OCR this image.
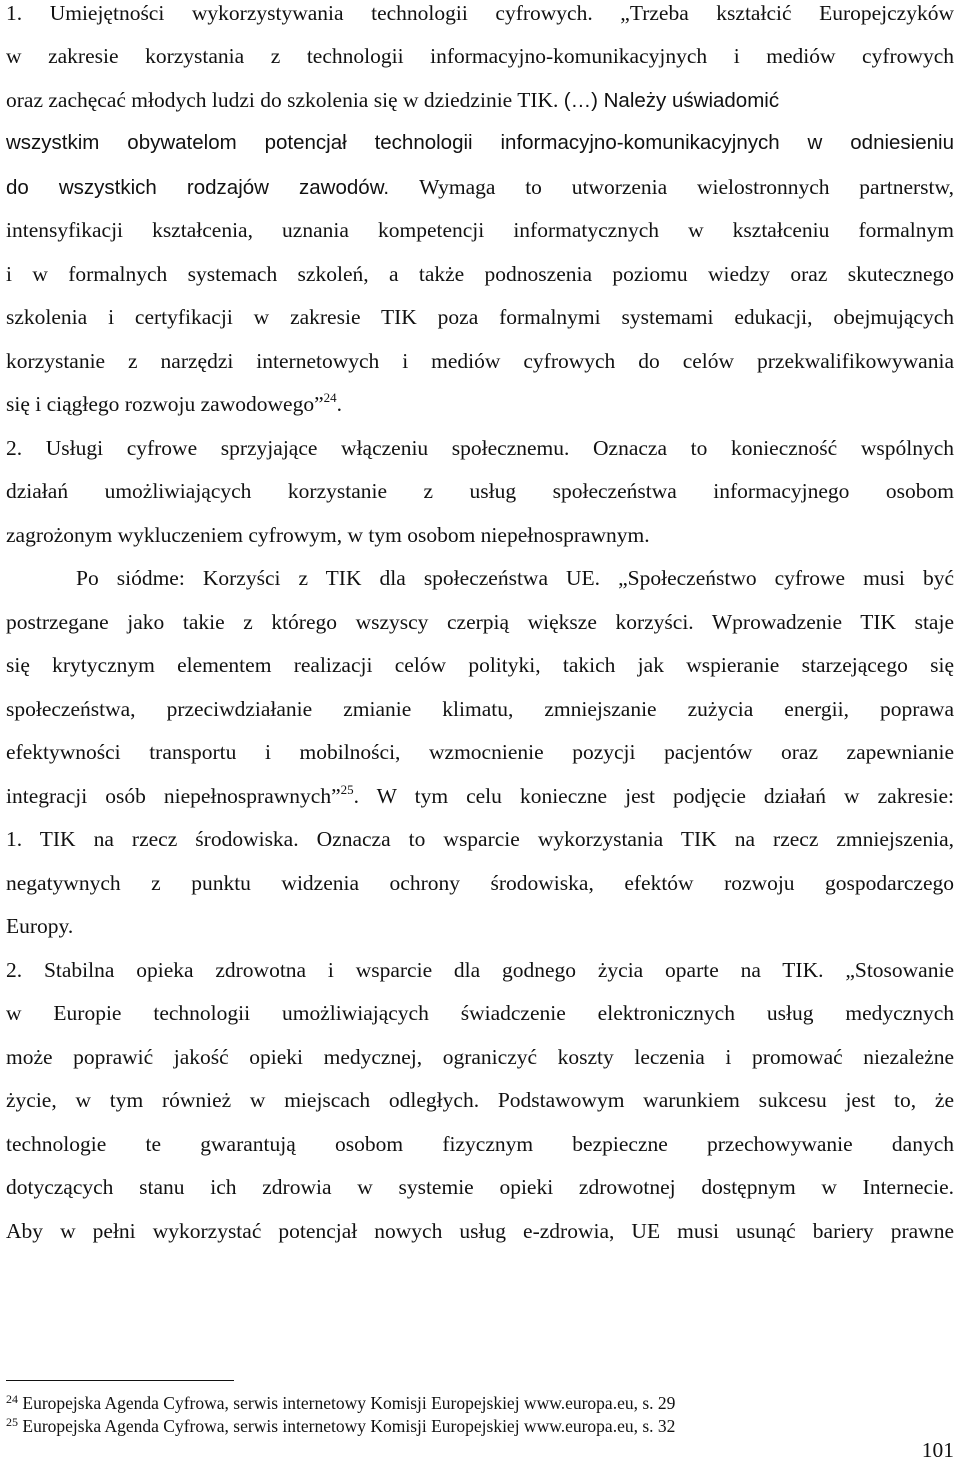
1. Umiejętności wykorzystywania technologii cyfrowych. „Trzeba kształcić Europejczyków
w zakresie korzystania z technologii informacyjno-komunikacyjnych i mediów cyfrowych
oraz zachęcać młodych ludzi do szkolenia się w dziedzinie TIK. (…) Należy uświadomić
wszystkim obywatelom potencjał technologii informacyjno-komunikacyjnych w odniesieniu
do wszystkich rodzajów zawodów. Wymaga to utworzenia wielostronnych partnerstw,
intensyfikacji kształcenia, uznania kompetencji informatycznych w kształceniu formalnym
i w formalnych systemach szkoleń, a także podnoszenia poziomu wiedzy oraz skutecznego
szkolenia i certyfikacji w zakresie TIK poza formalnymi systemami edukacji, obejmujących
korzystanie z narzędzi internetowych i mediów cyfrowych do celów przekwalifikowywania
się i ciągłego rozwoju zawodowego”$^{24}$.
2. Usługi cyfrowe sprzyjające włączeniu społecznemu. Oznacza to konieczność wspólnych
działań umożliwiających korzystanie z usług społeczeństwa informacyjnego osobom
zagrożonym wykluczeniem cyfrowym, w tym osobom niepełnosprawnym.
Po siódme: Korzyści z TIK dla społeczeństwa UE. „Społeczeństwo cyfrowe musi być
postrzegane jako takie z którego wszyscy czerpią większe korzyści. Wprowadzenie TIK staje
się krytycznym elementem realizacji celów polityki, takich jak wspieranie starzejącego się
społeczeństwa, przeciwdziałanie zmianie klimatu, zmniejszanie zużycia energii, poprawa
efektywności transportu i mobilności, wzmocnienie pozycji pacjentów oraz zapewnianie
integracji osób niepełnosprawnych”$^{25}$. W tym celu konieczne jest podjęcie działań w zakresie:
1. TIK na rzecz środowiska. Oznacza to wsparcie wykorzystania TIK na rzecz zmniejszenia,
negatywnych z punktu widzenia ochrony środowiska, efektów rozwoju gospodarczego
Europy.
2. Stabilna opieka zdrowotna i wsparcie dla godnego życia oparte na TIK. „Stosowanie
w Europie technologii umożliwiających świadczenie elektronicznych usług medycznych
może poprawić jakość opieki medycznej, ograniczyć koszty leczenia i promować niezależne
życie, w tym również w miejscach odległych. Podstawowym warunkiem sukcesu jest to, że
technologie te gwarantują osobom fizycznym bezpieczne przechowywanie danych
dotyczących stanu ich zdrowia w systemie opieki zdrowotnej dostępnym w Internecie.
Aby w pełni wykorzystać potencjał nowych usług e-zdrowia, UE musi usunąć bariery prawne
$^{24}$ Europejska Agenda Cyfrowa, serwis internetowy Komisji Europejskiej www.europa.eu, s. 29
$^{25}$ Europejska Agenda Cyfrowa, serwis internetowy Komisji Europejskiej www.europa.eu, s. 32
101
